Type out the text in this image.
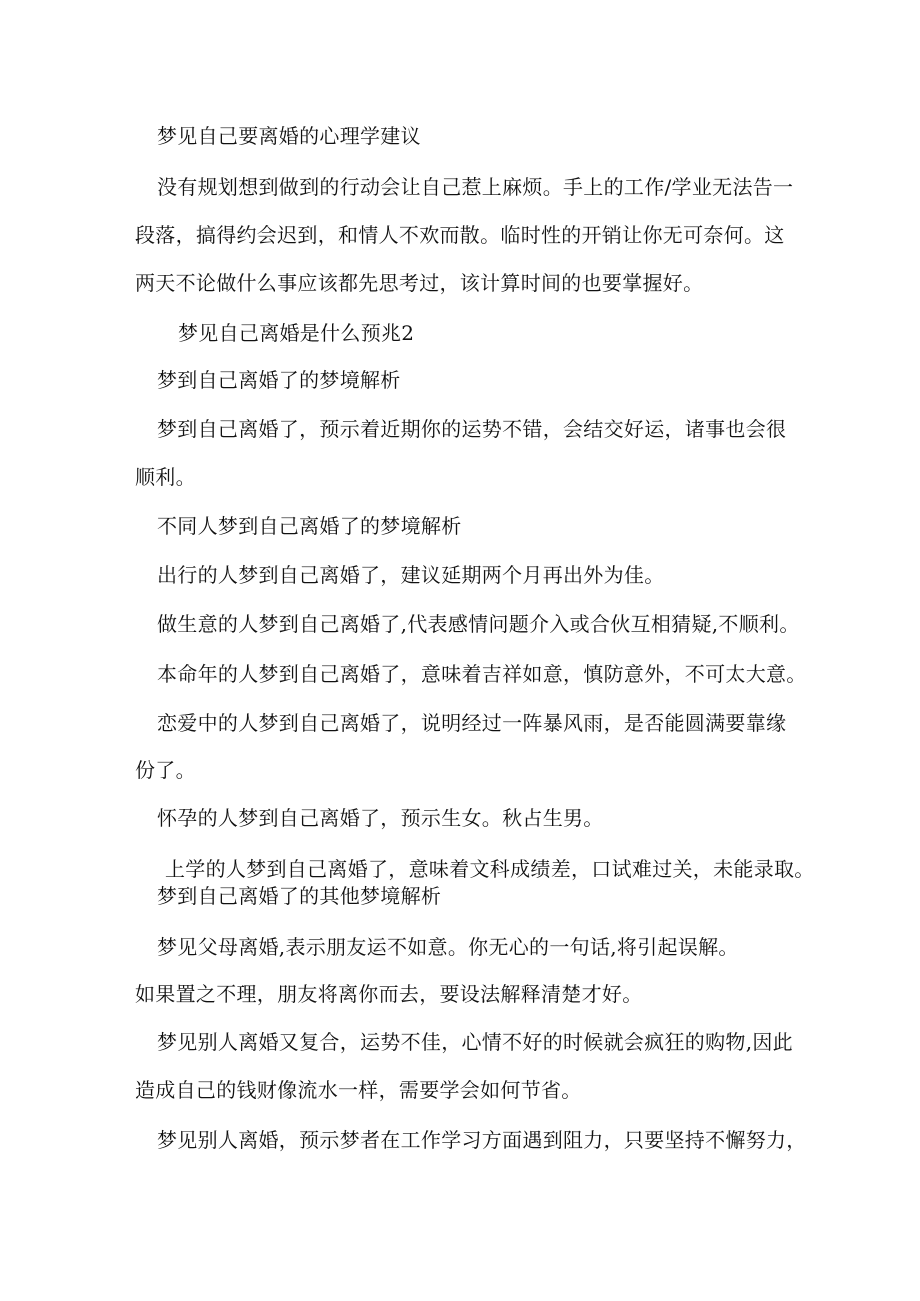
梦见自己要离婚的心理学建议
没有规划想到做到的行动会让自己惹上麻烦。手上的工作/学业无法告一
段落，搞得约会迟到，和情人不欢而散。临时性的开销让你无可奈何。这
两天不论做什么事应该都先思考过，该计算时间的也要掌握好。
梦见自己离婚是什么预兆2
梦到自己离婚了的梦境解析
梦到自己离婚了，预示着近期你的运势不错，会结交好运，诸事也会很
顺利。
不同人梦到自己离婚了的梦境解析
出行的人梦到自己离婚了，建议延期两个月再出外为佳。
做生意的人梦到自己离婚了,代表感情问题介入或合伙互相猜疑,不顺利。
本命年的人梦到自己离婚了，意味着吉祥如意，慎防意外，不可太大意。
恋爱中的人梦到自己离婚了，说明经过一阵暴风雨，是否能圆满要靠缘
份了。
怀孕的人梦到自己离婚了，预示生女。秋占生男。
上学的人梦到自己离婚了，意味着文科成绩差，口试难过关，未能录取。
梦到自己离婚了的其他梦境解析
梦见父母离婚,表示朋友运不如意。你无心的一句话,将引起误解。
如果置之不理，朋友将离你而去，要设法解释清楚才好。
梦见别人离婚又复合，运势不佳，心情不好的时候就会疯狂的购物,因此
造成自己的钱财像流水一样，需要学会如何节省。
梦见别人离婚，预示梦者在工作学习方面遇到阻力，只要坚持不懈努力，
